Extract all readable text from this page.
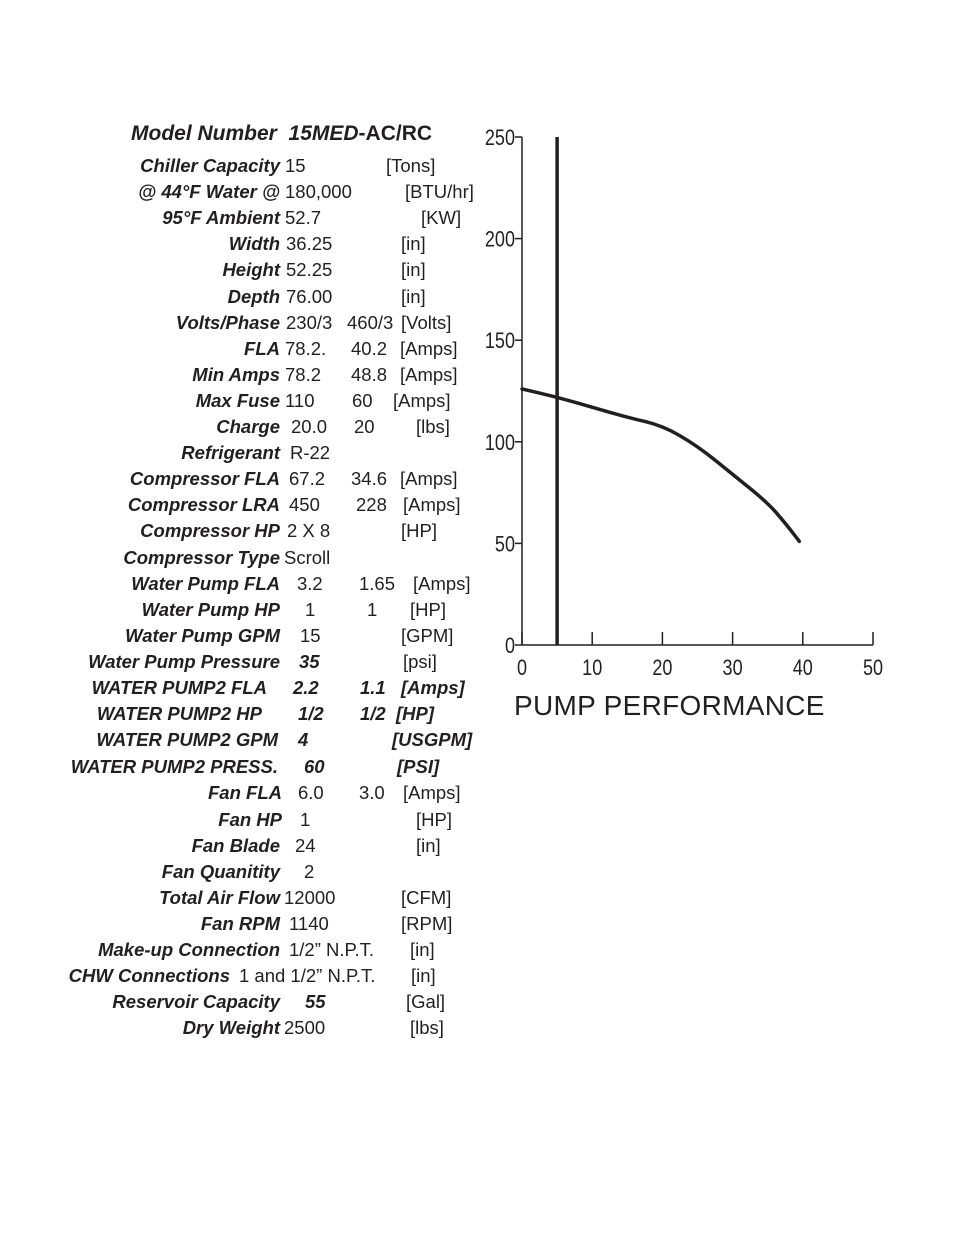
Model Number 15MED-AC/RC
Chiller Capacity 15	[Tons]
@ 44°F Water @ 180,000	[BTU/hr]
95°F Ambient 52.7	[KW]
Width 36.25	[in]
Height 52.25	[in]
Depth 76.00	[in]
Volts/Phase 230/3 460/3 [Volts]
FLA 78.2. 40.2 [Amps]
Min Amps 78.2 48.8 [Amps]
Max Fuse 110 60 [Amps]
Charge 20.0 20 [lbs]
Refrigerant R-22
Compressor FLA 67.2 34.6 [Amps]
Compressor LRA 450 228 [Amps]
Compressor HP 2 X 8	[HP]
Compressor Type Scroll
Water Pump FLA 3.2 1.65 [Amps]
Water Pump HP 1	1 [HP]
Water Pump GPM 15	[GPM]
Water Pump Pressure 35	[psi]
WATER PUMP2 FLA 2.2 1.1 [Amps]
WATER PUMP2 HP 1/2 1/2 [HP]
WATER PUMP2 GPM 4	[USGPM]
WATER PUMP2 PRESS. 60	[PSI]
Fan FLA 6.0 3.0 [Amps]
Fan HP 1	[HP]
Fan Blade 24	[in]
Fan Quanitity 2
Total Air Flow 12000	[CFM]
Fan RPM 1140	[RPM]
Make-up Connection 1/2” N.P.T. [in]
CHW Connections 1 and 1/2” N.P.T. [in]
Reservoir Capacity 55	[Gal]
Dry Weight 2500	[lbs]
0
50
100
150
200
250
0	10 20 30 40 50
PUMP PERFORMANCE
